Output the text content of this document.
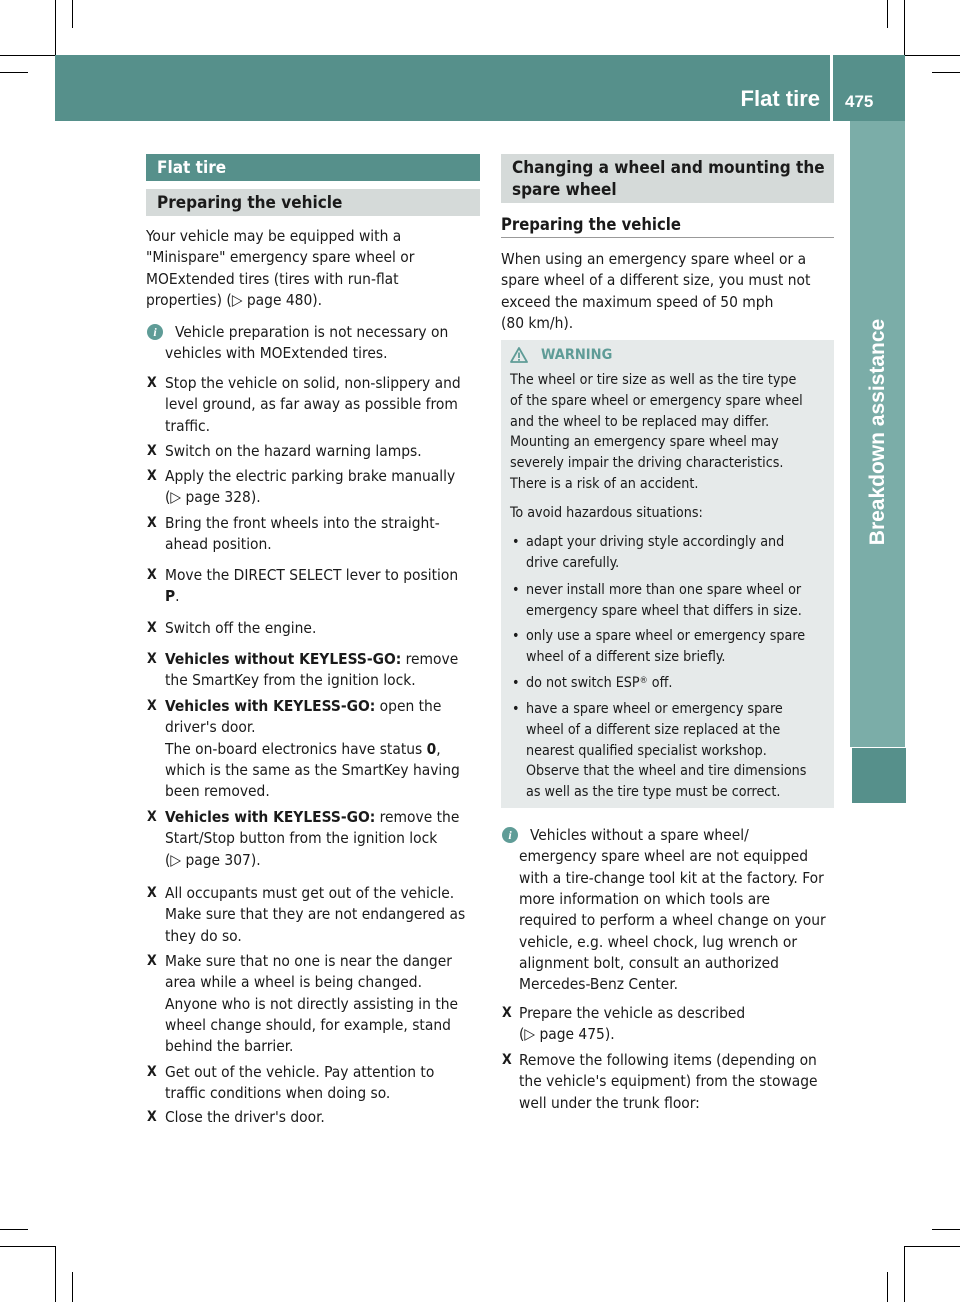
Flat tire 475
Breakdown assistance
Flat tire
Preparing the vehicle
Your vehicle may be equipped with a
"Minispare" emergency spare wheel or
MOExtended tires (tires with run-flat
properties) (▷ page 480).
i	Vehicle preparation is not necessary on
vehicles with MOExtended tires.
X Stop the vehicle on solid, non-slippery and
level ground, as far away as possible from
traffic.
X Switch on the hazard warning lamps.
X Apply the electric parking brake manually
(▷ page 328).
X Bring the front wheels into the straight-
ahead position.
X Move the DIRECT SELECT lever to position
P.
X Switch off the engine.
X Vehicles without KEYLESS-GO: remove
the SmartKey from the ignition lock.
X Vehicles with KEYLESS-GO: open the
driver's door.
The on-board electronics have status 0,
which is the same as the SmartKey having
been removed.
X Vehicles with KEYLESS-GO: remove the
Start/Stop button from the ignition lock
(▷ page 307).
X All occupants must get out of the vehicle.
Make sure that they are not endangered as
they do so.
X Make sure that no one is near the danger
area while a wheel is being changed.
Anyone who is not directly assisting in the
wheel change should, for example, stand
behind the barrier.
X Get out of the vehicle. Pay attention to
traffic conditions when doing so.
X Close the driver's door.
Changing a wheel and mounting the
spare wheel
Preparing the vehicle
When using an emergency spare wheel or a
spare wheel of a different size, you must not
exceed the maximum speed of 50 mph
(80 km/h).
WARNING
The wheel or tire size as well as the tire type
of the spare wheel or emergency spare wheel
and the wheel to be replaced may differ.
Mounting an emergency spare wheel may
severely impair the driving characteristics.
There is a risk of an accident.
To avoid hazardous situations:
• adapt your driving style accordingly and
drive carefully.
• never install more than one spare wheel or
emergency spare wheel that differs in size.
• only use a spare wheel or emergency spare
wheel of a different size briefly.
• do not switch ESP® off.
• have a spare wheel or emergency spare
wheel of a different size replaced at the
nearest qualified specialist workshop.
Observe that the wheel and tire dimensions
as well as the tire type must be correct.
i	Vehicles without a spare wheel/
emergency spare wheel are not equipped
with a tire-change tool kit at the factory. For
more information on which tools are
required to perform a wheel change on your
vehicle, e.g. wheel chock, lug wrench or
alignment bolt, consult an authorized
Mercedes-Benz Center.
X Prepare the vehicle as described
(▷ page 475).
X Remove the following items (depending on
the vehicle's equipment) from the stowage
well under the trunk floor:
